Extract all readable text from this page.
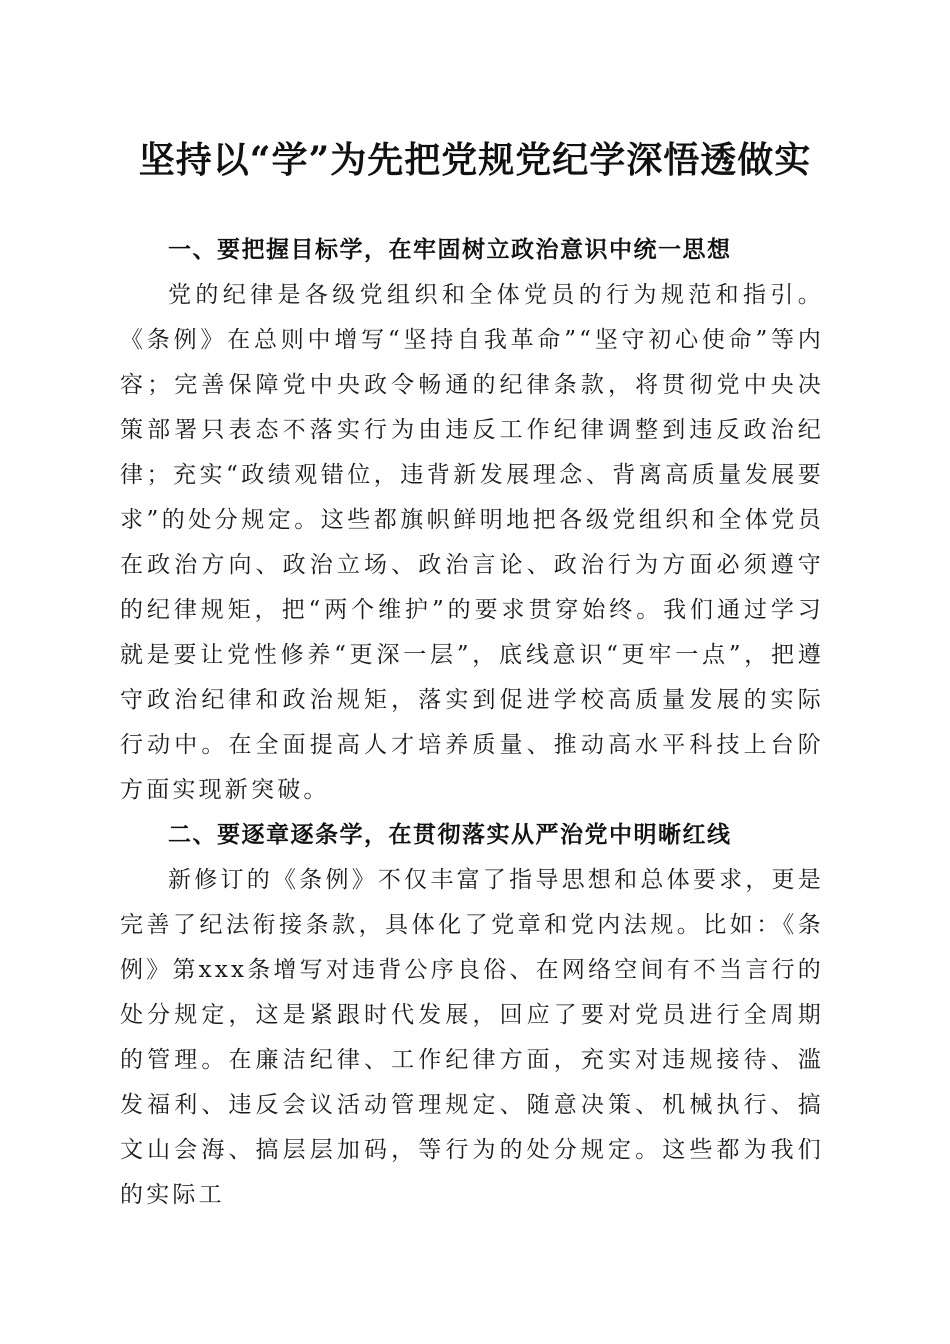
坚持以“学”为先把党规党纪学深悟透做实

一、要把握目标学，在牢固树立政治意识中统一思想

党的纪律是各级党组织和全体党员的行为规范和指引。《条例》在总则中增写“坚持自我革命”“坚守初心使命”等内容；完善保障党中央政令畅通的纪律条款，将贯彻党中央决策部署只表态不落实行为由违反工作纪律调整到违反政治纪律；充实“政绩观错位，违背新发展理念、背离高质量发展要求”的处分规定。这些都旗帜鲜明地把各级党组织和全体党员在政治方向、政治立场、政治言论、政治行为方面必须遵守的纪律规矩，把“两个维护”的要求贯穿始终。我们通过学习就是要让党性修养“更深一层”，底线意识“更牢一点”，把遵守政治纪律和政治规矩，落实到促进学校高质量发展的实际行动中。在全面提高人才培养质量、推动高水平科技上台阶方面实现新突破。

二、要逐章逐条学，在贯彻落实从严治党中明晰红线

新修订的《条例》不仅丰富了指导思想和总体要求，更是完善了纪法衔接条款，具体化了党章和党内法规。比如：《条例》第xxx条增写对违背公序良俗、在网络空间有不当言行的处分规定，这是紧跟时代发展，回应了要对党员进行全周期的管理。在廉洁纪律、工作纪律方面，充实对违规接待、滥发福利、违反会议活动管理规定、随意决策、机械执行、搞文山会海、搞层层加码，等行为的处分规定。这些都为我们的实际工
